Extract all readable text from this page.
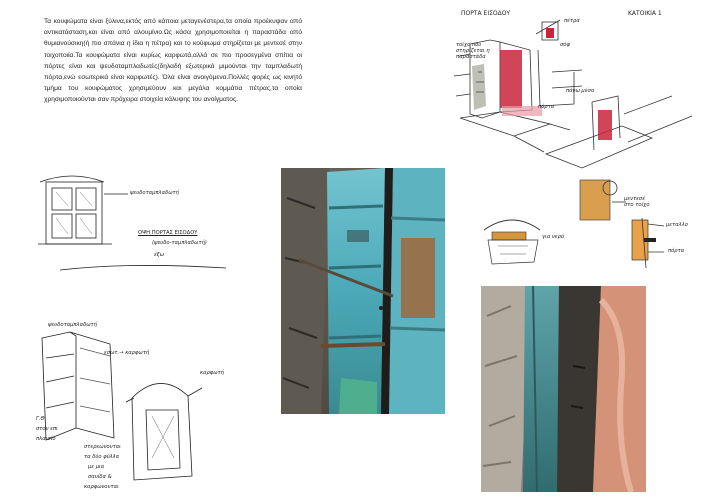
Τα κουφώματα είναι ξύλινα,εκτός από κάποια μεταγενέστερα,τα οποία προέκυψαν από αντικατάσταση,και είναι από αλουμίνιο.Ως κάσα χρησιμοποιείται η παραστάδα από θυμιανούσικη(ή πιο σπάνια η ίδια η πέτρα) και το κούφωμα στηρίζεται με μεντεσέ στην τοιχοποιία.Τα κουφώματα είναι κυρίως καρφωτά,αλλά σε πιο προσεγμένα σπίτια οι πόρτες είναι και ψευδοταμπλαδωτές(δηλαδή εξωτερικά μιμούνται την ταμπλαδωτή πόρτα,ενώ εσωτερικά είναι καρφωτές). Όλα είναι ανοιγόμενα.Πολλές φορές ως κινητό τμήμα του κουφώματος χρησιμεύουν και μεγάλα κομμάτια πέτρας,τα οποία χρησιμοποιούνται σαν πρόχειρα στοιχεία κάλυψης του ανοίγματος.
ΠΟΡΤΑ ΕΙΣΟΔΟΥ	ΚΑΤΟΙΚΙΑ 1
πέτρα
σόφ
τοίχο που στηρίζεται η παραστάδα
πόρτα
πάνω μέσα
μεντεσέ στο τοίχο
για νερό
μεταλλο
πόρτα
ψευδοταμπλαδωτή
ΟΨΗ ΠΟΡΤΑΣ ΕΙΣΟΔΟΥ
(ψευδο-ταμπλαδωτή)
έξω
ψευδοταμπλαδωτή
εσωτ.→ καρφωτή
καρφωτή
Γ.Θ.
στον επι
πλαισίο
στερεώνονται
τα δύο φύλλα
με μια
σανίδα &
καρφώνονται
